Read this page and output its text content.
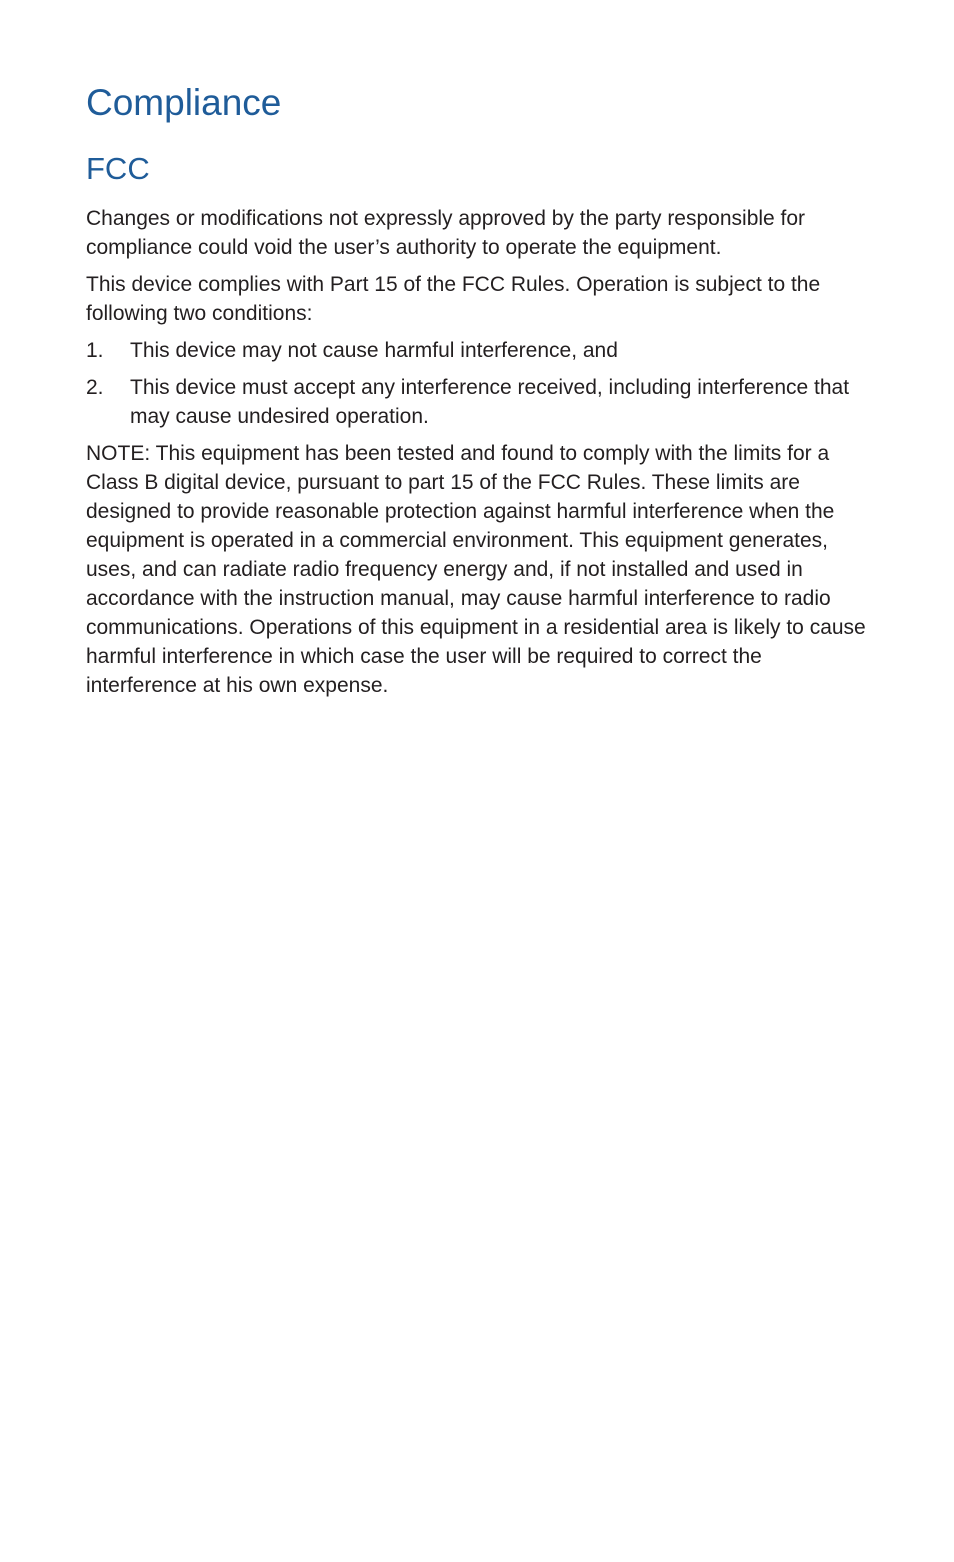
Compliance
FCC

Changes or modifications not expressly approved by the party responsible for compliance could void the user’s authority to operate the equipment.

This device complies with Part 15 of the FCC Rules. Operation is subject to the following two conditions:

1. This device may not cause harmful interference, and
2. This device must accept any interference received, including interference that may cause undesired operation.

NOTE: This equipment has been tested and found to comply with the limits for a Class B digital device, pursuant to part 15 of the FCC Rules. These limits are designed to provide reasonable protection against harmful interference when the equipment is operated in a commercial environment. This equipment generates, uses, and can radiate radio frequency energy and, if not installed and used in accordance with the instruction manual, may cause harmful interference to radio communications. Operations of this equipment in a residential area is likely to cause harmful interference in which case the user will be required to correct the interference at his own expense.
